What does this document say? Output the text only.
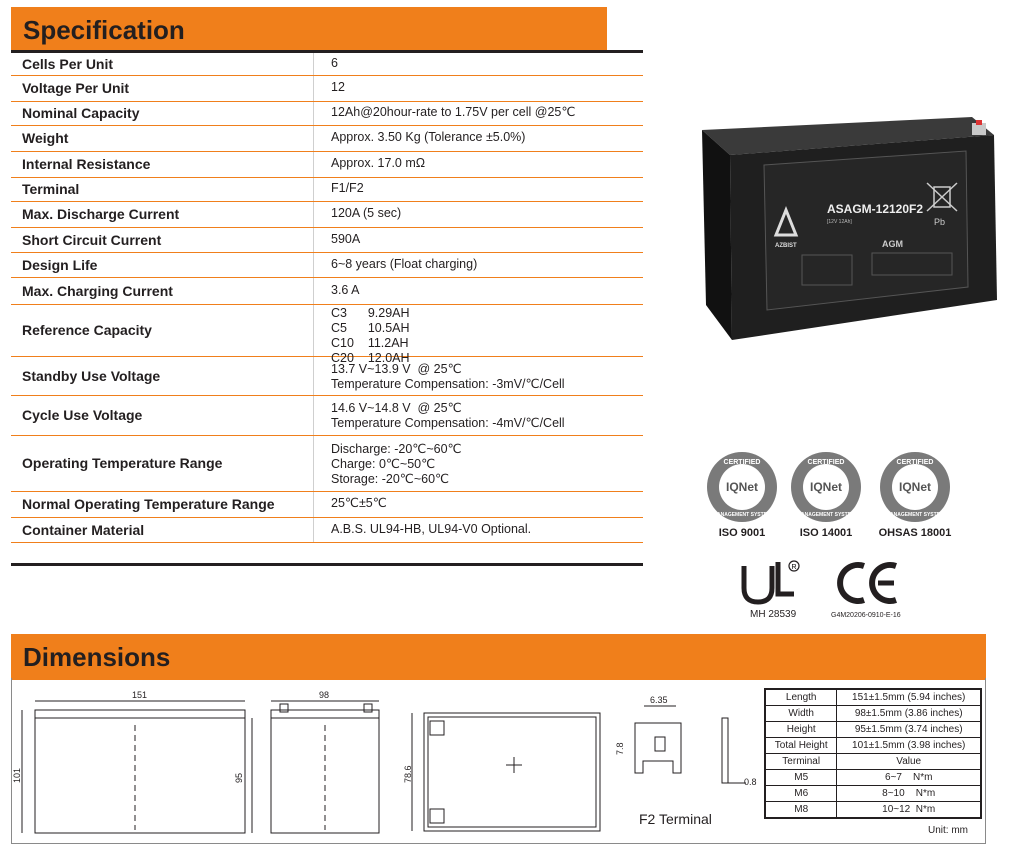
Specification
Cells Per Unit	6
Voltage Per Unit	12
Nominal Capacity	12Ah@20hour-rate to 1.75V per cell @25℃
Weight	Approx. 3.50 Kg (Tolerance ±5.0%)
Internal Resistance	Approx. 17.0 mΩ
Terminal	F1/F2
Max. Discharge Current	120A (5 sec)
Short Circuit Current	590A
Design Life	6~8 years (Float charging)
Max. Charging Current	3.6 A
Reference Capacity
C3      9.29AH
C5      10.5AH
C10    11.2AH
C20    12.0AH
Standby Use Voltage	13.7 V~13.9 V  @ 25℃
Temperature Compensation: -3mV/℃/Cell
Cycle Use Voltage	14.6 V~14.8 V  @ 25℃
Temperature Compensation: -4mV/℃/Cell
Operating Temperature Range
Discharge: -20℃~60℃
Charge: 0℃~50℃
Storage: -20℃~60℃
Normal Operating Temperature Range	25℃±5℃
Container Material	A.B.S. UL94-HB, UL94-V0 Optional.
AZBIST
ASAGM-12120F2
[12V 12Ah]
AGM
Pb
CERTIFIED
MANAGEMENT SYSTEM
IQNet
ISO 9001
CERTIFIED
MANAGEMENT SYSTEM
IQNet
ISO 14001
CERTIFIED
MANAGEMENT SYSTEM
IQNet
OHSAS 18001
R
MH 28539	G4M20206-0910-E-16
Dimensions
151
101	95
98
78.6
6.35
7.8
0.8
F2 Terminal
Length	151±1.5mm (5.94 inches)
Width	98±1.5mm (3.86 inches)
Height	95±1.5mm (3.74 inches)
Total Height	101±1.5mm (3.98 inches)
Terminal	Value
M5	6~7    N*m
M6	8~10    N*m
M8	10~12  N*m
Unit: mm
